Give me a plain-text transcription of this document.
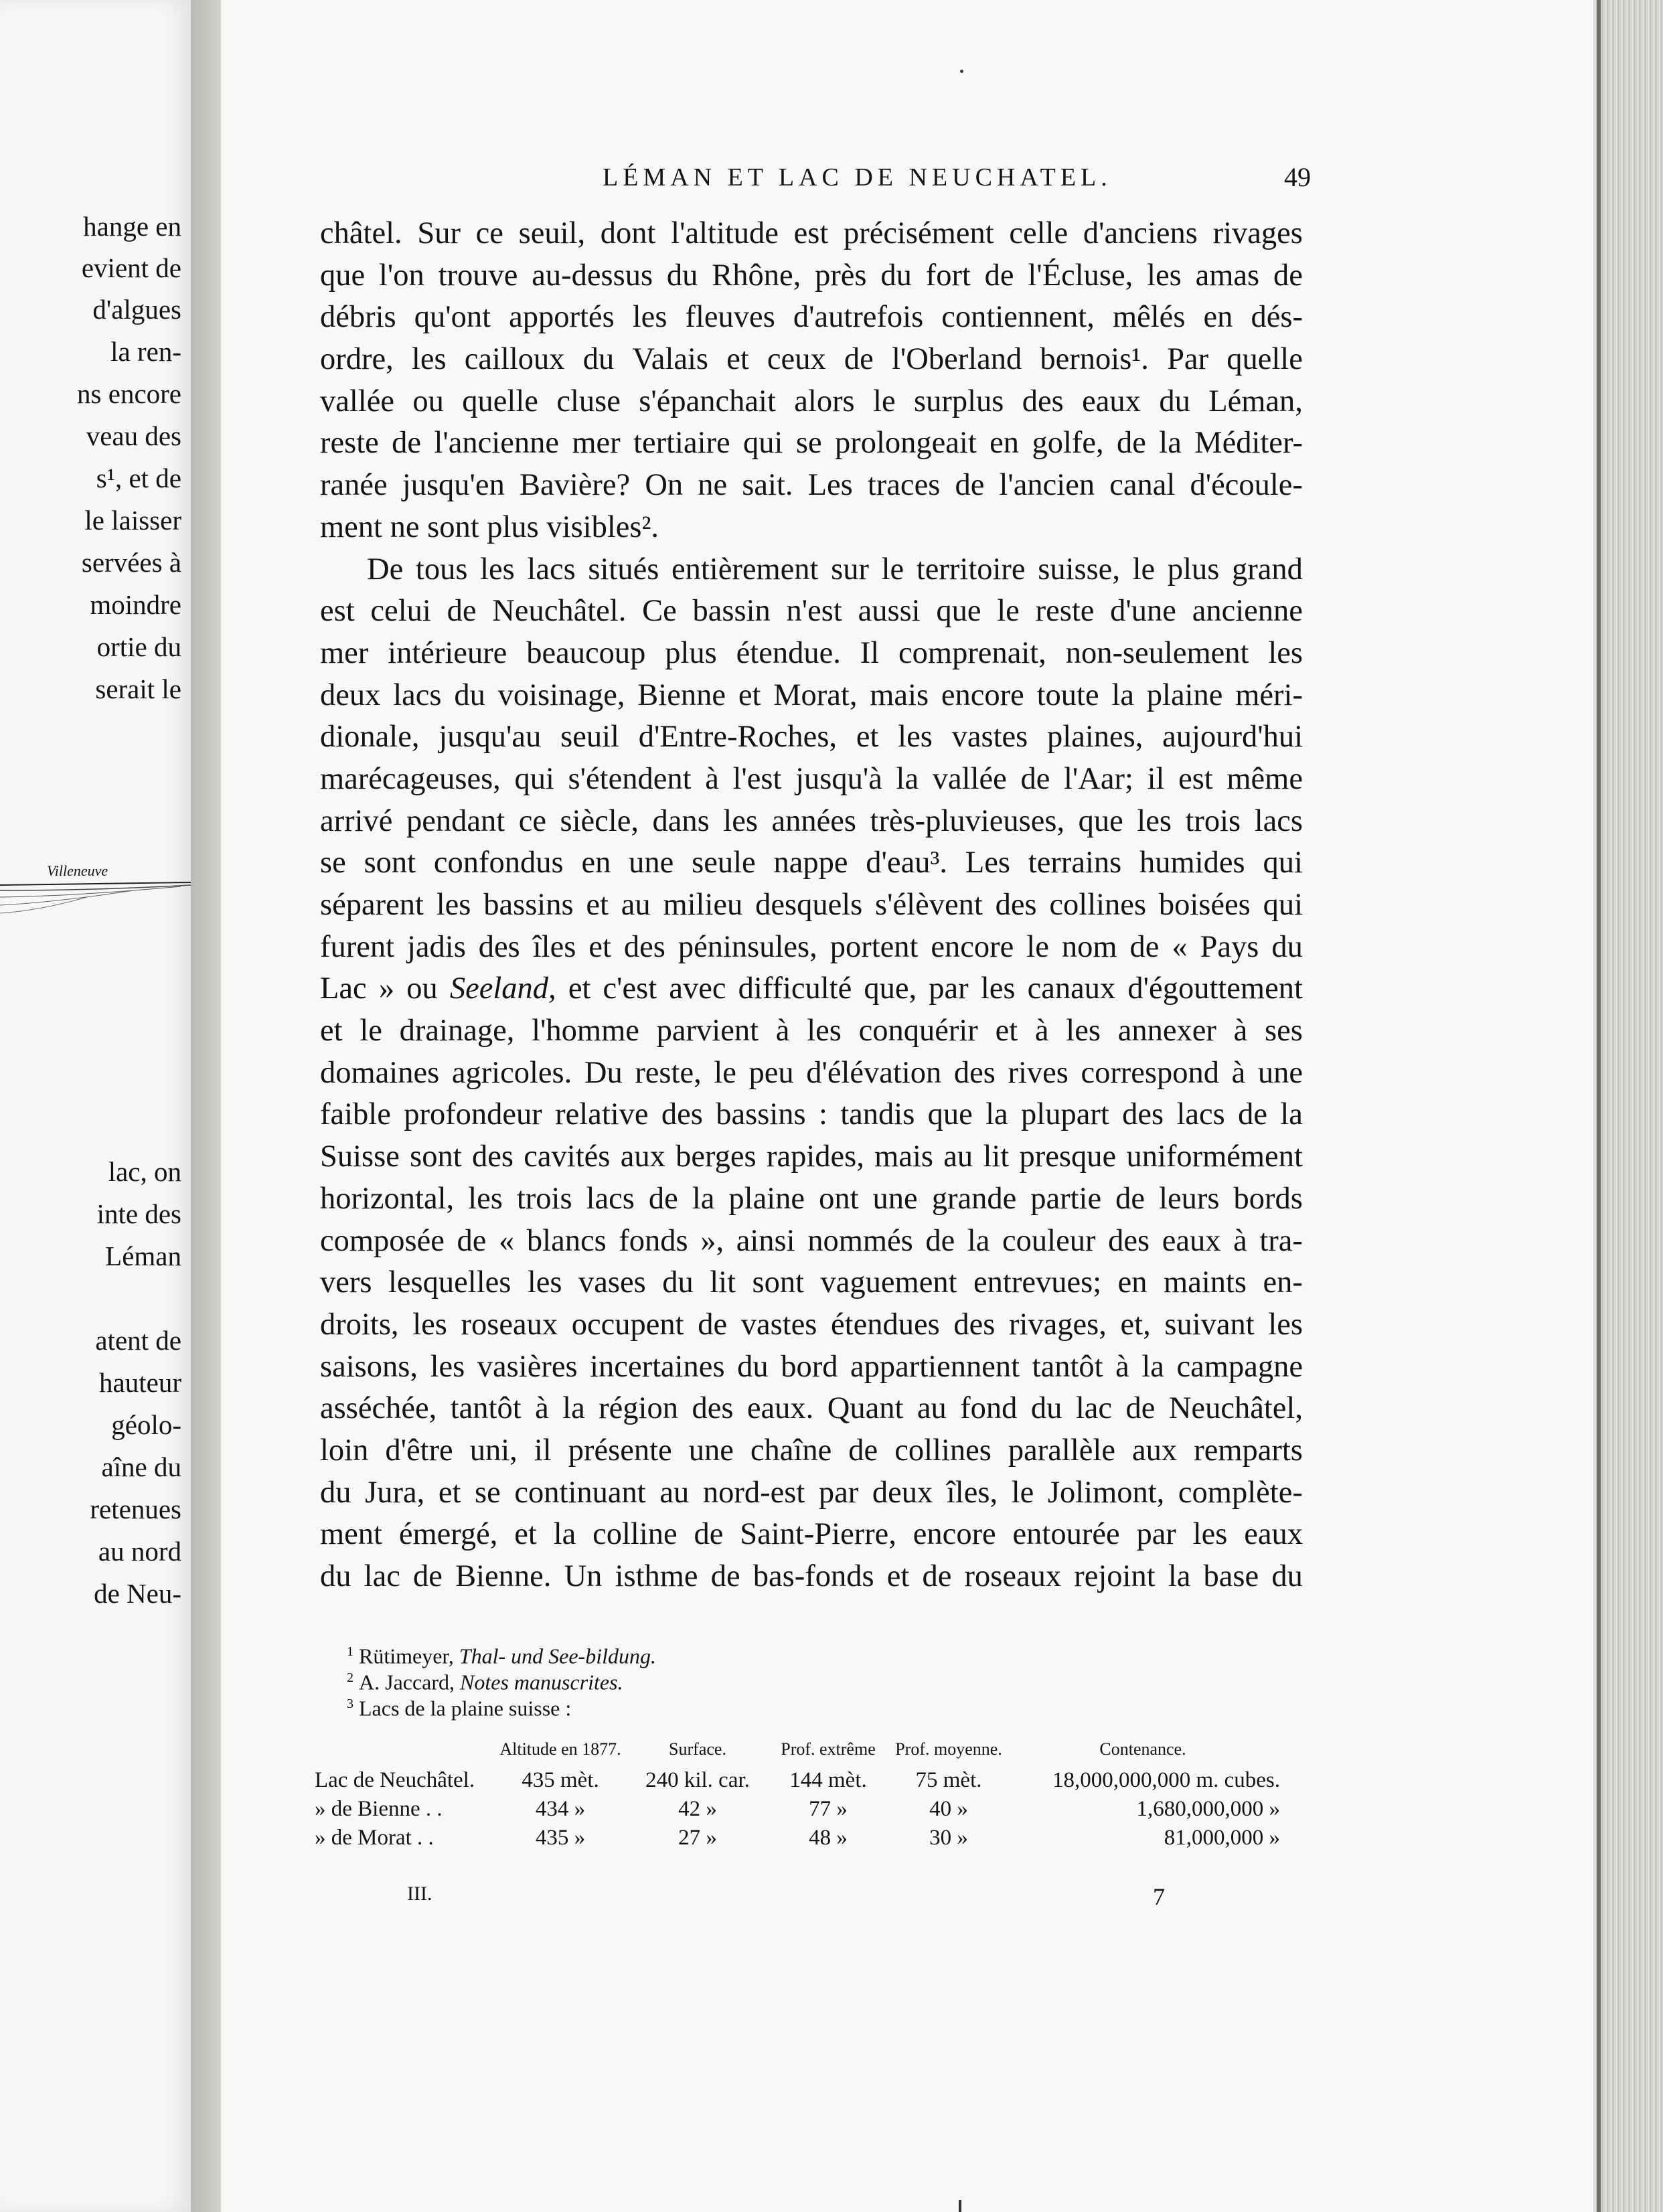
hange en
evient de
d'algues
la ren-
ns encore
veau des
s¹, et de
le laisser
servées à
moindre
ortie du
serait le
Villeneuve
lac, on
inte des
Léman
atent de
hauteur
géolo-
aîne du
retenues
au nord
de Neu-
LÉMAN ET LAC DE NEUCHATEL.	49
châtel. Sur ce seuil, dont l'altitude est précisément celle d'anciens rivages
que l'on trouve au-dessus du Rhône, près du fort de l'Écluse, les amas de
débris qu'ont apportés les fleuves d'autrefois contiennent, mêlés en dés-
ordre, les cailloux du Valais et ceux de l'Oberland bernois¹. Par quelle
vallée ou quelle cluse s'épanchait alors le surplus des eaux du Léman,
reste de l'ancienne mer tertiaire qui se prolongeait en golfe, de la Méditer-
ranée jusqu'en Bavière? On ne sait. Les traces de l'ancien canal d'écoule-
ment ne sont plus visibles².
De tous les lacs situés entièrement sur le territoire suisse, le plus grand
est celui de Neuchâtel. Ce bassin n'est aussi que le reste d'une ancienne
mer intérieure beaucoup plus étendue. Il comprenait, non-seulement les
deux lacs du voisinage, Bienne et Morat, mais encore toute la plaine méri-
dionale, jusqu'au seuil d'Entre-Roches, et les vastes plaines, aujourd'hui
marécageuses, qui s'étendent à l'est jusqu'à la vallée de l'Aar; il est même
arrivé pendant ce siècle, dans les années très-pluvieuses, que les trois lacs
se sont confondus en une seule nappe d'eau³. Les terrains humides qui
séparent les bassins et au milieu desquels s'élèvent des collines boisées qui
furent jadis des îles et des péninsules, portent encore le nom de « Pays du
Lac » ou Seeland, et c'est avec difficulté que, par les canaux d'égouttement
et le drainage, l'homme parvient à les conquérir et à les annexer à ses
domaines agricoles. Du reste, le peu d'élévation des rives correspond à une
faible profondeur relative des bassins : tandis que la plupart des lacs de la
Suisse sont des cavités aux berges rapides, mais au lit presque uniformément
horizontal, les trois lacs de la plaine ont une grande partie de leurs bords
composée de « blancs fonds », ainsi nommés de la couleur des eaux à tra-
vers lesquelles les vases du lit sont vaguement entrevues; en maints en-
droits, les roseaux occupent de vastes étendues des rivages, et, suivant les
saisons, les vasières incertaines du bord appartiennent tantôt à la campagne
asséchée, tantôt à la région des eaux. Quant au fond du lac de Neuchâtel,
loin d'être uni, il présente une chaîne de collines parallèle aux remparts
du Jura, et se continuant au nord-est par deux îles, le Jolimont, complète-
ment émergé, et la colline de Saint-Pierre, encore entourée par les eaux
du lac de Bienne. Un isthme de bas-fonds et de roseaux rejoint la base du
$^1$ Rütimeyer, Thal- und See-bildung.
$^2$ A. Jaccard, Notes manuscrites.
$^3$ Lacs de la plaine suisse :
	Altitude en 1877.	Surface.	Prof. extrême	Prof. moyenne.	Contenance.
Lac de Neuchâtel.	435 mèt.	240 kil. car.	144 mèt.	75 mèt.	18,000,000,000 m. cubes.
» de Bienne . .	434 »	42 »	77 »	40 »	1,680,000,000 »
» de Morat . .	435 »	27 »	48 »	30 »	81,000,000 »
III.	7
